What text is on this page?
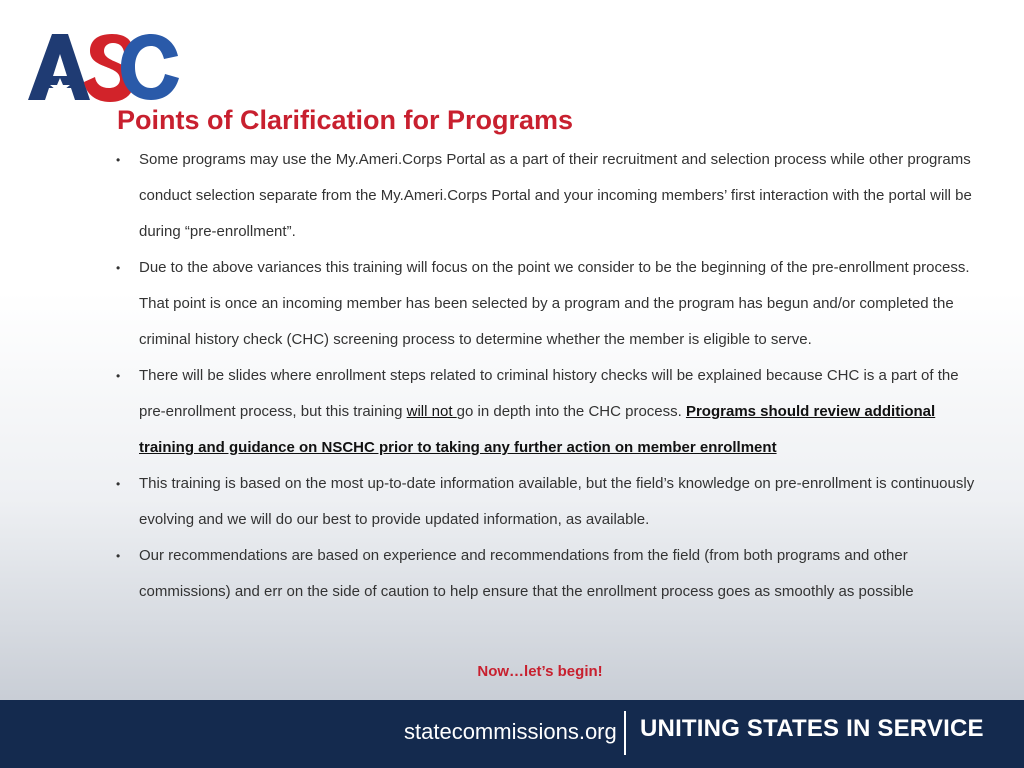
Points of Clarification for Programs
• Some programs may use the My.Ameri.Corps Portal as a part of their recruitment and selection process while other programs conduct selection separate from the My.Ameri.Corps Portal and your incoming members’ first interaction with the portal will be during “pre-enrollment”.
• Due to the above variances this training will focus on the point we consider to be the beginning of the pre-enrollment process. That point is once an incoming member has been selected by a program and the program has begun and/or completed the criminal history check (CHC) screening process to determine whether the member is eligible to serve.
• There will be slides where enrollment steps related to criminal history checks will be explained because CHC is a part of the pre-enrollment process, but this training will not go in depth into the CHC process. Programs should review additional training and guidance on NSCHC prior to taking any further action on member enrollment
• This training is based on the most up-to-date information available, but the field’s knowledge on pre-enrollment is continuously evolving and we will do our best to provide updated information, as available.
• Our recommendations are based on experience and recommendations from the field (from both programs and other commissions) and err on the side of caution to help ensure that the enrollment process goes as smoothly as possible
Now…let’s begin!
statecommissions.org UNITING STATES IN SERVICE
